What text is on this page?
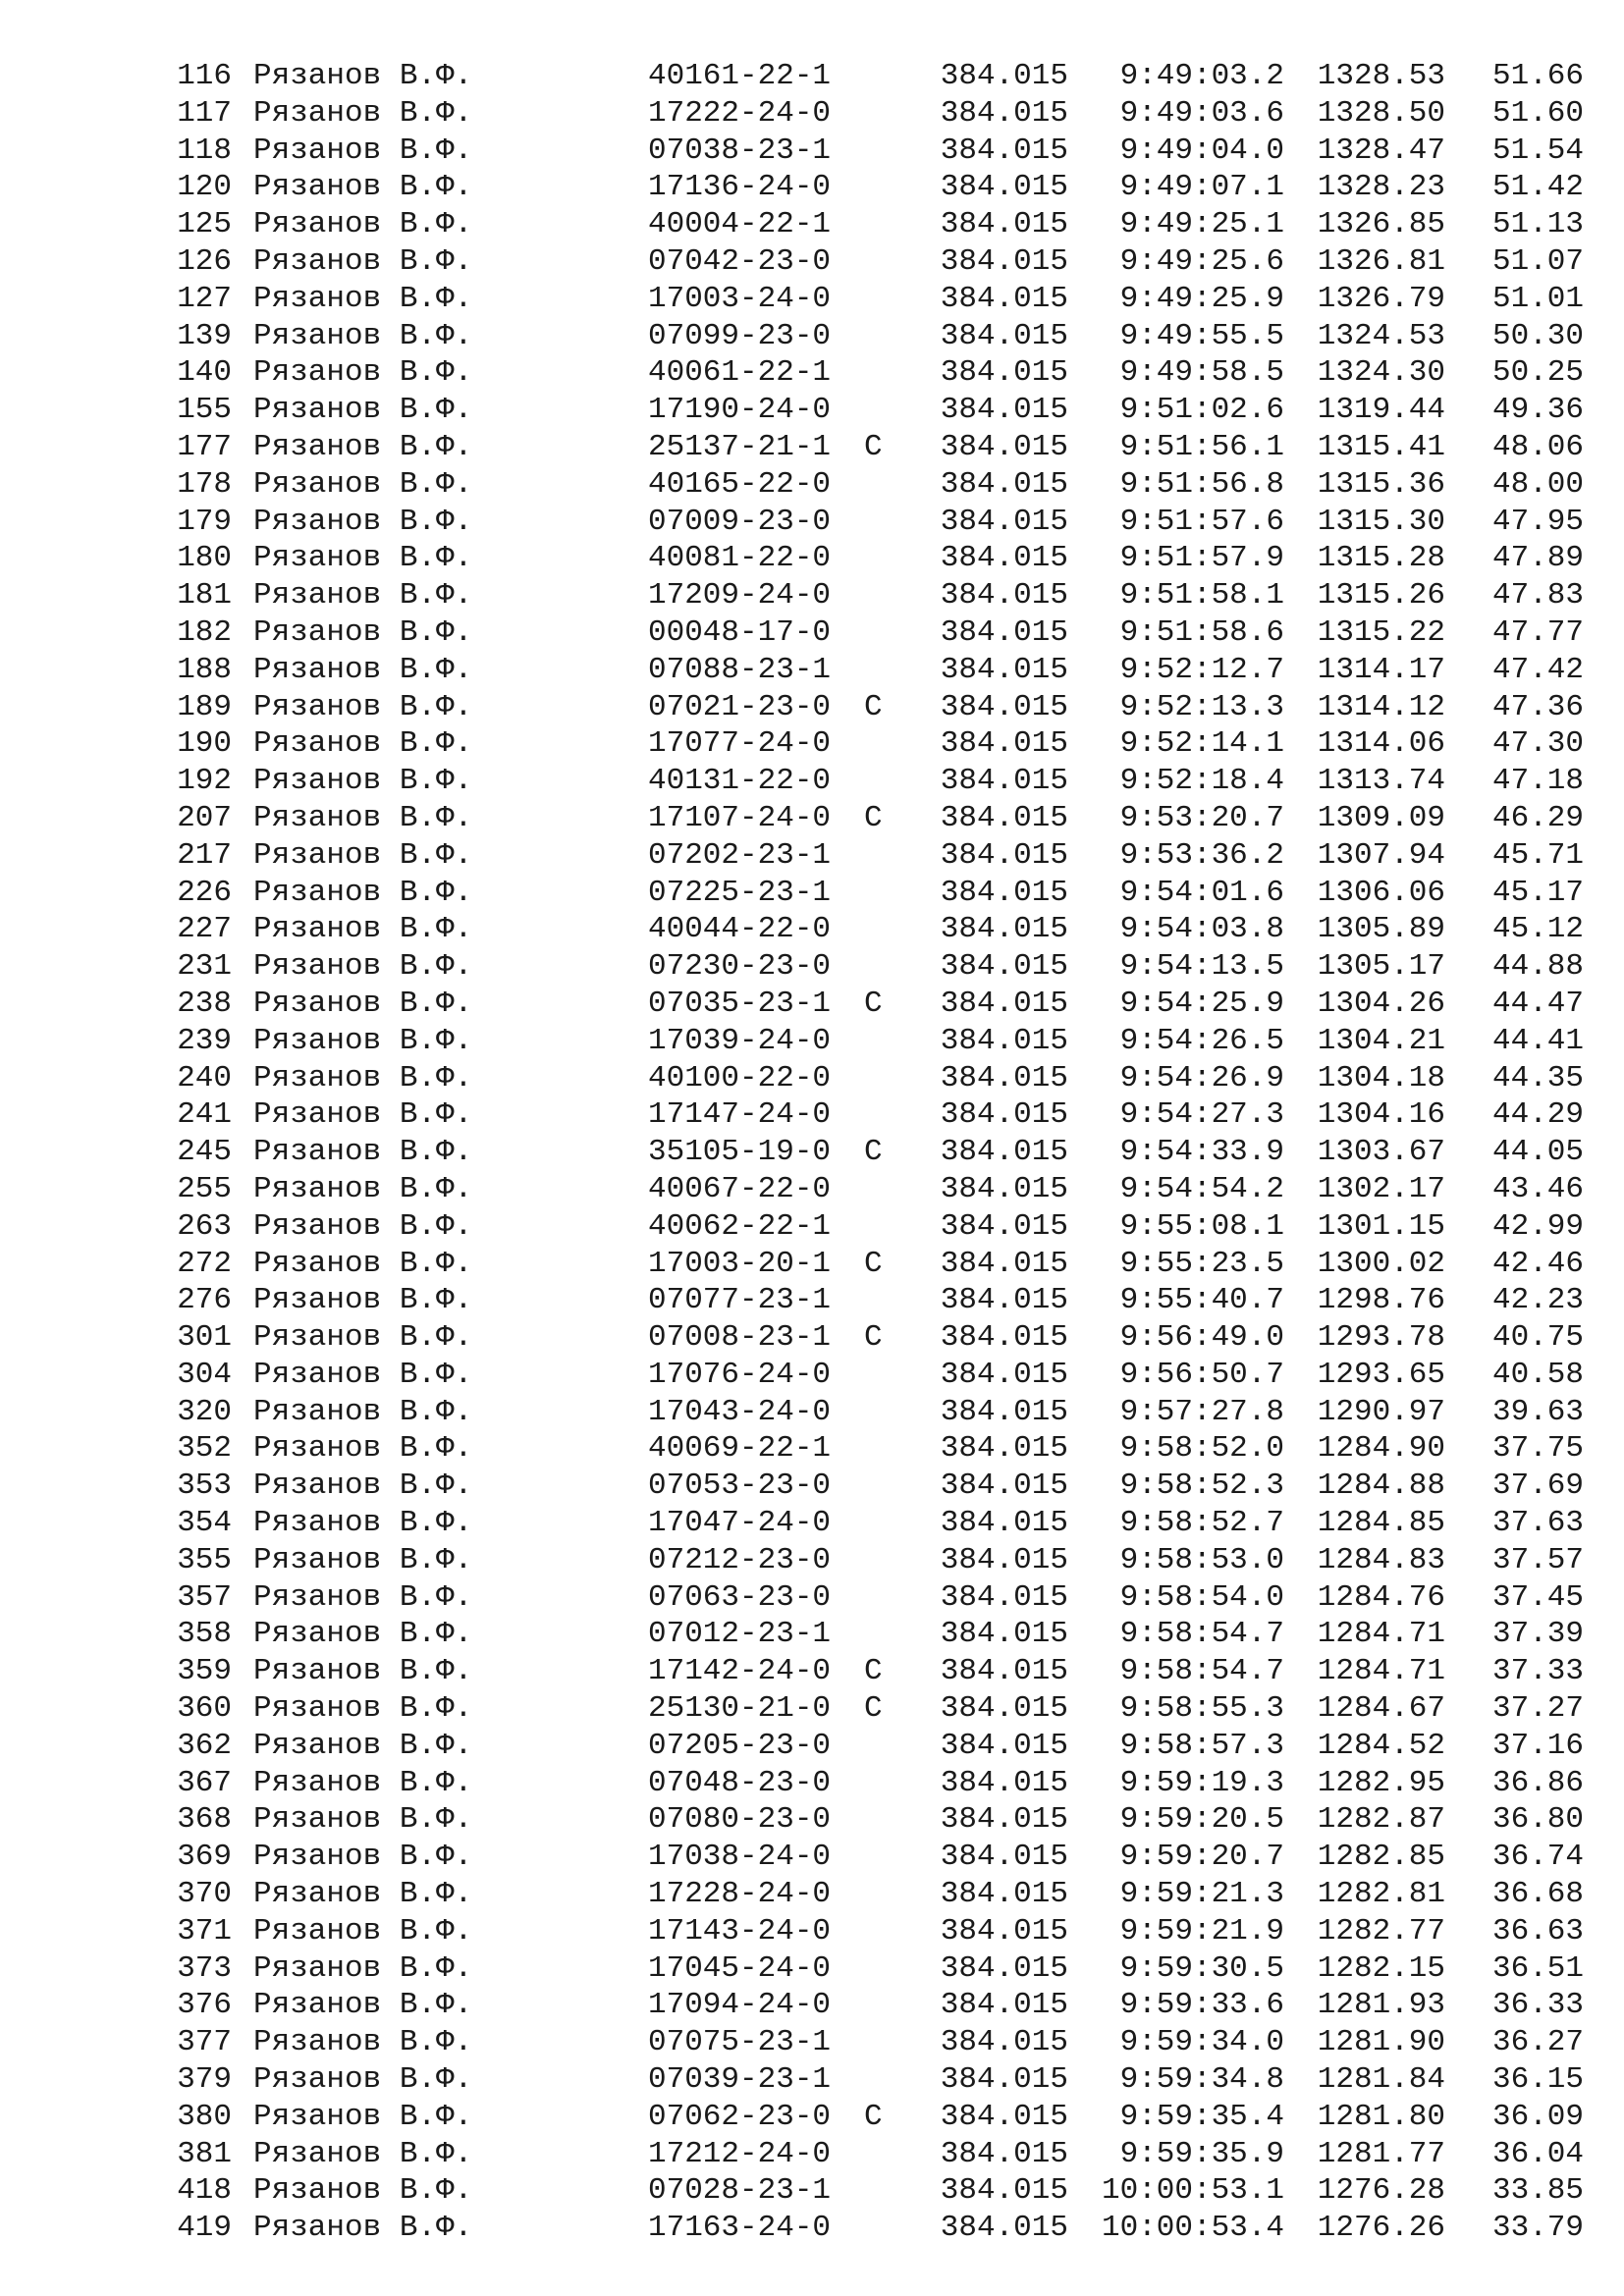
116 Рязанов В.Ф.	40161-22-1	384.015 9:49:03.2 1328.53 51.66
117 Рязанов В.Ф.	17222-24-0	384.015 9:49:03.6 1328.50 51.60
118 Рязанов В.Ф.	07038-23-1	384.015 9:49:04.0 1328.47 51.54
120 Рязанов В.Ф.	17136-24-0	384.015 9:49:07.1 1328.23 51.42
125 Рязанов В.Ф.	40004-22-1	384.015 9:49:25.1 1326.85 51.13
126 Рязанов В.Ф.	07042-23-0	384.015 9:49:25.6 1326.81 51.07
127 Рязанов В.Ф.	17003-24-0	384.015 9:49:25.9 1326.79 51.01
139 Рязанов В.Ф.	07099-23-0	384.015 9:49:55.5 1324.53 50.30
140 Рязанов В.Ф.	40061-22-1	384.015 9:49:58.5 1324.30 50.25
155 Рязанов В.Ф.	17190-24-0	384.015 9:51:02.6 1319.44 49.36
177 Рязанов В.Ф.	25137-21-1 C 384.015 9:51:56.1 1315.41 48.06
178 Рязанов В.Ф.	40165-22-0	384.015 9:51:56.8 1315.36 48.00
179 Рязанов В.Ф.	07009-23-0	384.015 9:51:57.6 1315.30 47.95
180 Рязанов В.Ф.	40081-22-0	384.015 9:51:57.9 1315.28 47.89
181 Рязанов В.Ф.	17209-24-0	384.015 9:51:58.1 1315.26 47.83
182 Рязанов В.Ф.	00048-17-0	384.015 9:51:58.6 1315.22 47.77
188 Рязанов В.Ф.	07088-23-1	384.015 9:52:12.7 1314.17 47.42
189 Рязанов В.Ф.	07021-23-0 C 384.015 9:52:13.3 1314.12 47.36
190 Рязанов В.Ф.	17077-24-0	384.015 9:52:14.1 1314.06 47.30
192 Рязанов В.Ф.	40131-22-0	384.015 9:52:18.4 1313.74 47.18
207 Рязанов В.Ф.	17107-24-0 C 384.015 9:53:20.7 1309.09 46.29
217 Рязанов В.Ф.	07202-23-1	384.015 9:53:36.2 1307.94 45.71
226 Рязанов В.Ф.	07225-23-1	384.015 9:54:01.6 1306.06 45.17
227 Рязанов В.Ф.	40044-22-0	384.015 9:54:03.8 1305.89 45.12
231 Рязанов В.Ф.	07230-23-0	384.015 9:54:13.5 1305.17 44.88
238 Рязанов В.Ф.	07035-23-1 C 384.015 9:54:25.9 1304.26 44.47
239 Рязанов В.Ф.	17039-24-0	384.015 9:54:26.5 1304.21 44.41
240 Рязанов В.Ф.	40100-22-0	384.015 9:54:26.9 1304.18 44.35
241 Рязанов В.Ф.	17147-24-0	384.015 9:54:27.3 1304.16 44.29
245 Рязанов В.Ф.	35105-19-0 C 384.015 9:54:33.9 1303.67 44.05
255 Рязанов В.Ф.	40067-22-0	384.015 9:54:54.2 1302.17 43.46
263 Рязанов В.Ф.	40062-22-1	384.015 9:55:08.1 1301.15 42.99
272 Рязанов В.Ф.	17003-20-1 C 384.015 9:55:23.5 1300.02 42.46
276 Рязанов В.Ф.	07077-23-1	384.015 9:55:40.7 1298.76 42.23
301 Рязанов В.Ф.	07008-23-1 C 384.015 9:56:49.0 1293.78 40.75
304 Рязанов В.Ф.	17076-24-0	384.015 9:56:50.7 1293.65 40.58
320 Рязанов В.Ф.	17043-24-0	384.015 9:57:27.8 1290.97 39.63
352 Рязанов В.Ф.	40069-22-1	384.015 9:58:52.0 1284.90 37.75
353 Рязанов В.Ф.	07053-23-0	384.015 9:58:52.3 1284.88 37.69
354 Рязанов В.Ф.	17047-24-0	384.015 9:58:52.7 1284.85 37.63
355 Рязанов В.Ф.	07212-23-0	384.015 9:58:53.0 1284.83 37.57
357 Рязанов В.Ф.	07063-23-0	384.015 9:58:54.0 1284.76 37.45
358 Рязанов В.Ф.	07012-23-1	384.015 9:58:54.7 1284.71 37.39
359 Рязанов В.Ф.	17142-24-0 C 384.015 9:58:54.7 1284.71 37.33
360 Рязанов В.Ф.	25130-21-0 C 384.015 9:58:55.3 1284.67 37.27
362 Рязанов В.Ф.	07205-23-0	384.015 9:58:57.3 1284.52 37.16
367 Рязанов В.Ф.	07048-23-0	384.015 9:59:19.3 1282.95 36.86
368 Рязанов В.Ф.	07080-23-0	384.015 9:59:20.5 1282.87 36.80
369 Рязанов В.Ф.	17038-24-0	384.015 9:59:20.7 1282.85 36.74
370 Рязанов В.Ф.	17228-24-0	384.015 9:59:21.3 1282.81 36.68
371 Рязанов В.Ф.	17143-24-0	384.015 9:59:21.9 1282.77 36.63
373 Рязанов В.Ф.	17045-24-0	384.015 9:59:30.5 1282.15 36.51
376 Рязанов В.Ф.	17094-24-0	384.015 9:59:33.6 1281.93 36.33
377 Рязанов В.Ф.	07075-23-1	384.015 9:59:34.0 1281.90 36.27
379 Рязанов В.Ф.	07039-23-1	384.015 9:59:34.8 1281.84 36.15
380 Рязанов В.Ф.	07062-23-0 C 384.015 9:59:35.4 1281.80 36.09
381 Рязанов В.Ф.	17212-24-0	384.015 9:59:35.9 1281.77 36.04
418 Рязанов В.Ф.	07028-23-1	384.015 10:00:53.1 1276.28 33.85
419 Рязанов В.Ф.	17163-24-0	384.015 10:00:53.4 1276.26 33.79
